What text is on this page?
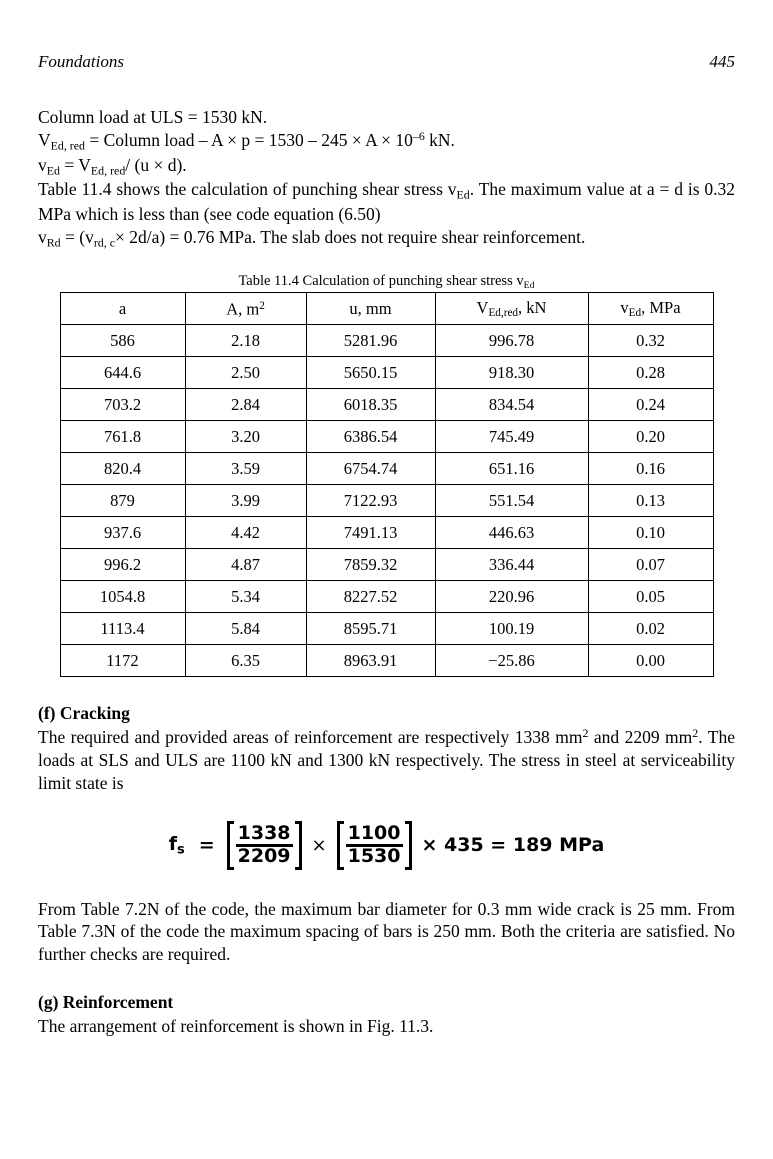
Foundations	445
Column load at ULS = 1530 kN.
$V_{Ed, red}$ = Column load – $A \times p = 1530 - 245 \times A \times 10^{-6}$ kN.
$v_{Ed} = V_{Ed, red}/$ (u × d).
Table 11.4 shows the calculation of punching shear stress $v_{Ed}$. The maximum value at a = d is 0.32 MPa which is less than (see code equation (6.50)
$v_{Rd} = (v_{rd, c}\times 2d/a) = 0.76$ MPa. The slab does not require shear reinforcement.
Table 11.4 Calculation of punching shear stress $v_{Ed}$
a	A, $m^2$	u, mm	$V_{Ed,red}$, kN	$v_{Ed}$, MPa
586	2.18	5281.96	996.78	0.32
644.6	2.50	5650.15	918.30	0.28
703.2	2.84	6018.35	834.54	0.24
761.8	3.20	6386.54	745.49	0.20
820.4	3.59	6754.74	651.16	0.16
879	3.99	7122.93	551.54	0.13
937.6	4.42	7491.13	446.63	0.10
996.2	4.87	7859.32	336.44	0.07
1054.8	5.34	8227.52	220.96	0.05
1113.4	5.84	8595.71	100.19	0.02
1172	6.35	8963.91	−25.86	0.00
(f) Cracking

The required and provided areas of reinforcement are respectively 1338 $mm^2$ and 2209 $mm^2$. The loads at SLS and ULS are 1100 kN and 1300 kN respectively. The stress in steel at serviceability limit state is

$f_s = \frac{1338}{2209} \times \frac{1100}{1530} \times 435 = 189$ MPa

From Table 7.2N of the code, the maximum bar diameter for 0.3 mm wide crack is 25 mm. From Table 7.3N of the code the maximum spacing of bars is 250 mm. Both the criteria are satisfied. No further checks are required.

(g) Reinforcement

The arrangement of reinforcement is shown in Fig. 11.3.
